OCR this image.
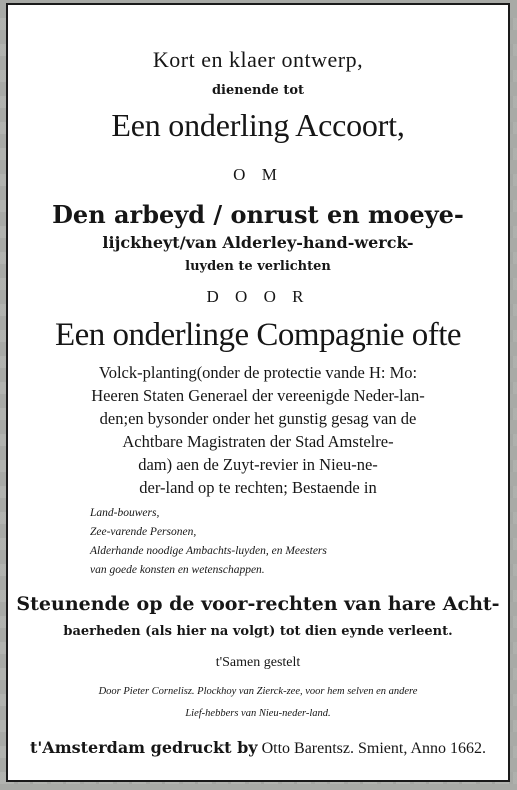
Kort en klaer ontwerp,

dienende tot

Een onderling Accoort,

O M

Den arbeyd / onrust en moeye-

lijckheyt/van Alderley-hand-werck-

luyden te verlichten

D O O R

Een onderlinge Compagnie ofte

Volck-planting(onder de protectie vande H: Mo:
Heeren Staten Generael der vereenigde Neder-lan-
den;en bysonder onder het gunstig gesag van de
Achtbare Magistraten der Stad Amstelre-
dam) aen de Zuyt-revier in Nieu-ne-
der-land op te rechten; Bestaende in
Land-bouwers,
Zee-varende Personen,
Alderhande noodige Ambachts-luyden, en Meesters
van goede konsten en wetenschappen.

Steunende op de voor-rechten van hare Acht-

baerheden (als hier na volgt) tot dien eynde verleent.

t'Samen gestelt

Door Pieter Cornelisz. Plockhoy van Zierck-zee, voor hem selven en andere
Lief-hebbers van Nieu-neder-land.
t'Amsterdam gedruckt by Otto Barentsz. Smient, Anno 1662.
